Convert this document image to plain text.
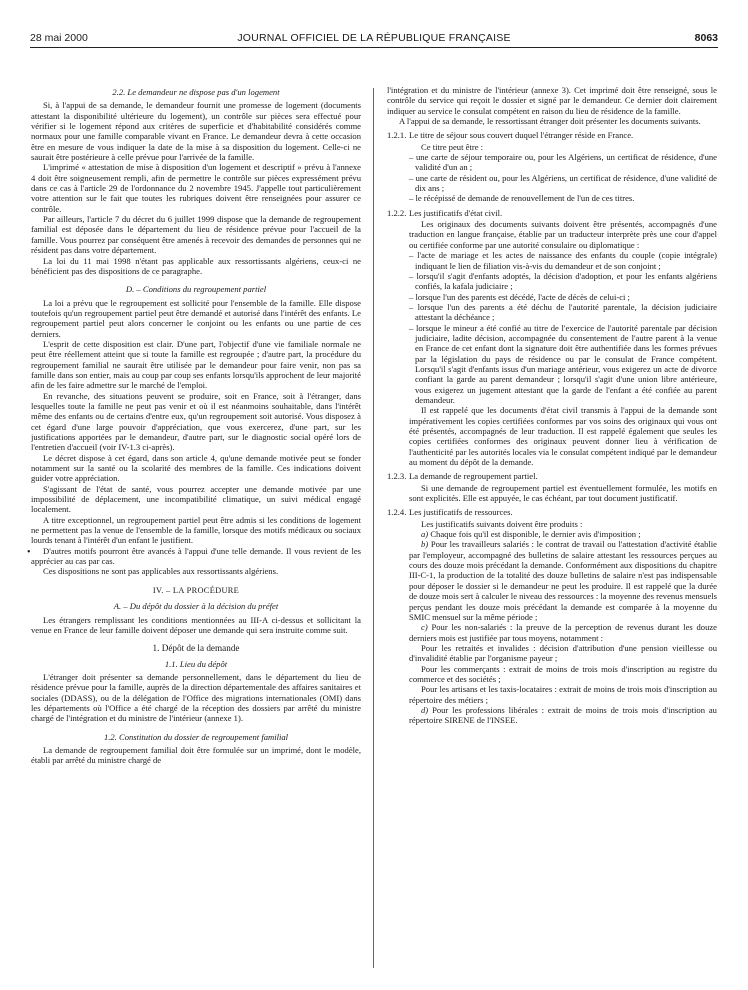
28 mai 2000	JOURNAL OFFICIEL DE LA RÉPUBLIQUE FRANÇAISE	8063
•
2.2. Le demandeur ne dispose pas d'un logement

Si, à l'appui de sa demande, le demandeur fournit une promesse de logement (documents attestant la disponibilité ultérieure du logement), un contrôle sur pièces sera effectué pour vérifier si le logement répond aux critères de superficie et d'habitabilité considérés comme normaux pour une famille comparable vivant en France. Le demandeur devra à cette occasion être en mesure de vous indiquer la date de la mise à sa disposition du logement. Celle-ci ne saurait être postérieure à celle prévue pour l'arrivée de la famille.

L'imprimé « attestation de mise à disposition d'un logement et descriptif » prévu à l'annexe 4 doit être soigneusement rempli, afin de permettre le contrôle sur pièces expressément prévu dans ce cas à l'article 29 de l'ordonnance du 2 novembre 1945. J'appelle tout particulièrement votre attention sur le fait que toutes les rubriques doivent être renseignées pour assurer ce contrôle.

Par ailleurs, l'article 7 du décret du 6 juillet 1999 dispose que la demande de regroupement familial est déposée dans le département du lieu de résidence prévue pour l'accueil de la famille. Vous pourrez par conséquent être amenés à recevoir des demandes de personnes qui ne résident pas dans votre département.

La loi du 11 mai 1998 n'étant pas applicable aux ressortissants algériens, ceux-ci ne bénéficient pas des dispositions de ce paragraphe.

D. – Conditions du regroupement partiel

La loi a prévu que le regroupement est sollicité pour l'ensemble de la famille. Elle dispose toutefois qu'un regroupement partiel peut être demandé et autorisé dans l'intérêt des enfants. Le regroupement partiel peut alors concerner le conjoint ou les enfants ou une partie de ces derniers.

L'esprit de cette disposition est clair. D'une part, l'objectif d'une vie familiale normale ne peut être réellement atteint que si toute la famille est regroupée ; d'autre part, la procédure du regroupement familial ne saurait être utilisée par le demandeur pour faire venir, non pas sa famille dans son entier, mais au coup par coup ses enfants lorsqu'ils approchent de leur majorité afin de les faire admettre sur le marché de l'emploi.

En revanche, des situations peuvent se produire, soit en France, soit à l'étranger, dans lesquelles toute la famille ne peut pas venir et où il est néanmoins souhaitable, dans l'intérêt même des enfants ou de certains d'entre eux, qu'un regroupement soit autorisé. Vous disposez à cet égard d'une large pouvoir d'appréciation, que vous exercerez, d'une part, sur les justifications apportées par le demandeur, d'autre part, sur le diagnostic social opéré lors de l'entretien d'accueil (voir IV-1.3 ci-après).

Le décret dispose à cet égard, dans son article 4, qu'une demande motivée peut se fonder notamment sur la santé ou la scolarité des membres de la famille. Ces indications doivent guider votre appréciation.

S'agissant de l'état de santé, vous pourrez accepter une demande motivée par une impossibilité de déplacement, une incompatibilité climatique, un suivi médical engagé localement.

A titre exceptionnel, un regroupement partiel peut être admis si les conditions de logement ne permettent pas la venue de l'ensemble de la famille, lorsque des motifs médicaux ou sociaux lourds tenant à l'intérêt d'un enfant le justifient.

D'autres motifs pourront être avancés à l'appui d'une telle demande. Il vous revient de les apprécier au cas par cas.

Ces dispositions ne sont pas applicables aux ressortissants algériens.

IV. – LA PROCÉDURE
A. – Du dépôt du dossier à la décision du préfet

Les étrangers remplissant les conditions mentionnées au III-A ci-dessus et sollicitant la venue en France de leur famille doivent déposer une demande qui sera instruite comme suit.

1. Dépôt de la demande
1.1. Lieu du dépôt

L'étranger doit présenter sa demande personnellement, dans le département du lieu de résidence prévue pour la famille, auprès de la direction départementale des affaires sanitaires et sociales (DDASS), ou de la délégation de l'Office des migrations internationales (OMI) dans les départements où l'Office a été chargé de la réception des dossiers par arrêté du ministre chargé de l'intégration et du ministre de l'intérieur (annexe 1).

1.2. Constitution du dossier de regroupement familial

La demande de regroupement familial doit être formulée sur un imprimé, dont le modèle, établi par arrêté du ministre chargé de

l'intégration et du ministre de l'intérieur (annexe 3). Cet imprimé doit être renseigné, sous le contrôle du service qui reçoit le dossier et signé par le demandeur. Ce dernier doit clairement indiquer au service le consulat compétent en raison du lieu de résidence de la famille.

A l'appui de sa demande, le ressortissant étranger doit présenter les documents suivants.

1.2.1. Le titre de séjour sous couvert duquel l'étranger réside en France.

Ce titre peut être :

– une carte de séjour temporaire ou, pour les Algériens, un certificat de résidence, d'une validité d'un an ;

– une carte de résident ou, pour les Algériens, un certificat de résidence, d'une validité de dix ans ;

– le récépissé de demande de renouvellement de l'un de ces titres.

1.2.2. Les justificatifs d'état civil.

Les originaux des documents suivants doivent être présentés, accompagnés d'une traduction en langue française, établie par un traducteur interprète près une cour d'appel ou certifiée conforme par une autorité consulaire ou diplomatique :

– l'acte de mariage et les actes de naissance des enfants du couple (copie intégrale) indiquant le lien de filiation vis-à-vis du demandeur et de son conjoint ;

– lorsqu'il s'agit d'enfants adoptés, la décision d'adoption, et pour les enfants algériens confiés, la kafala judiciaire ;

– lorsque l'un des parents est décédé, l'acte de décès de celui-ci ;

– lorsque l'un des parents a été déchu de l'autorité parentale, la décision judiciaire attestant la déchéance ;

– lorsque le mineur a été confié au titre de l'exercice de l'autorité parentale par décision judiciaire, ladite décision, accompagnée du consentement de l'autre parent à la venue en France de cet enfant dont la signature doit être authentifiée dans les formes prévues par la législation du pays de résidence ou par le consulat de France compétent. Lorsqu'il s'agit d'enfants issus d'un mariage antérieur, vous exigerez un acte de divorce confiant la garde au parent demandeur ; lorsqu'il s'agit d'une union libre antérieure, vous exigerez un jugement attestant que la garde de l'enfant a été confiée au parent demandeur.

Il est rappelé que les documents d'état civil transmis à l'appui de la demande sont impérativement les copies certifiées conformes par vos soins des originaux qui vous ont été présentés, accompagnés de leur traduction. Il est rappelé également que seules les copies certifiées conformes des originaux peuvent donner lieu à vérification de l'authenticité par les autorités locales via le consulat compétent indiqué par le demandeur au moment du dépôt de la demande.

1.2.3. La demande de regroupement partiel.

Si une demande de regroupement partiel est éventuellement formulée, les motifs en sont explicités. Elle est appuyée, le cas échéant, par tout document justificatif.

1.2.4. Les justificatifs de ressources.

Les justificatifs suivants doivent être produits :

a) Chaque fois qu'il est disponible, le dernier avis d'imposition ;

b) Pour les travailleurs salariés : le contrat de travail ou l'attestation d'activité établie par l'employeur, accompagné des bulletins de salaire attestant les ressources perçues au cours des douze mois précédant la demande. Conformément aux dispositions du chapitre III-C-1, la production de la totalité des douze bulletins de salaire n'est pas indispensable pour déposer le dossier si le demandeur ne peut les produire. Il est rappelé que la durée de douze mois sert à calculer le niveau des ressources : la moyenne des revenus mensuels perçus pendant les douze mois précédant la demande est comparée à la moyenne du SMIC mensuel sur la même période ;

c) Pour les non-salariés : la preuve de la perception de revenus durant les douze derniers mois est justifiée par tous moyens, notamment :

Pour les retraités et invalides : décision d'attribution d'une pension vieillesse ou d'invalidité établie par l'organisme payeur ;

Pour les commerçants : extrait de moins de trois mois d'inscription au registre du commerce et des sociétés ;

Pour les artisans et les taxis-locataires : extrait de moins de trois mois d'inscription au répertoire des métiers ;

d) Pour les professions libérales : extrait de moins de trois mois d'inscription au répertoire SIRENE de l'INSEE.
